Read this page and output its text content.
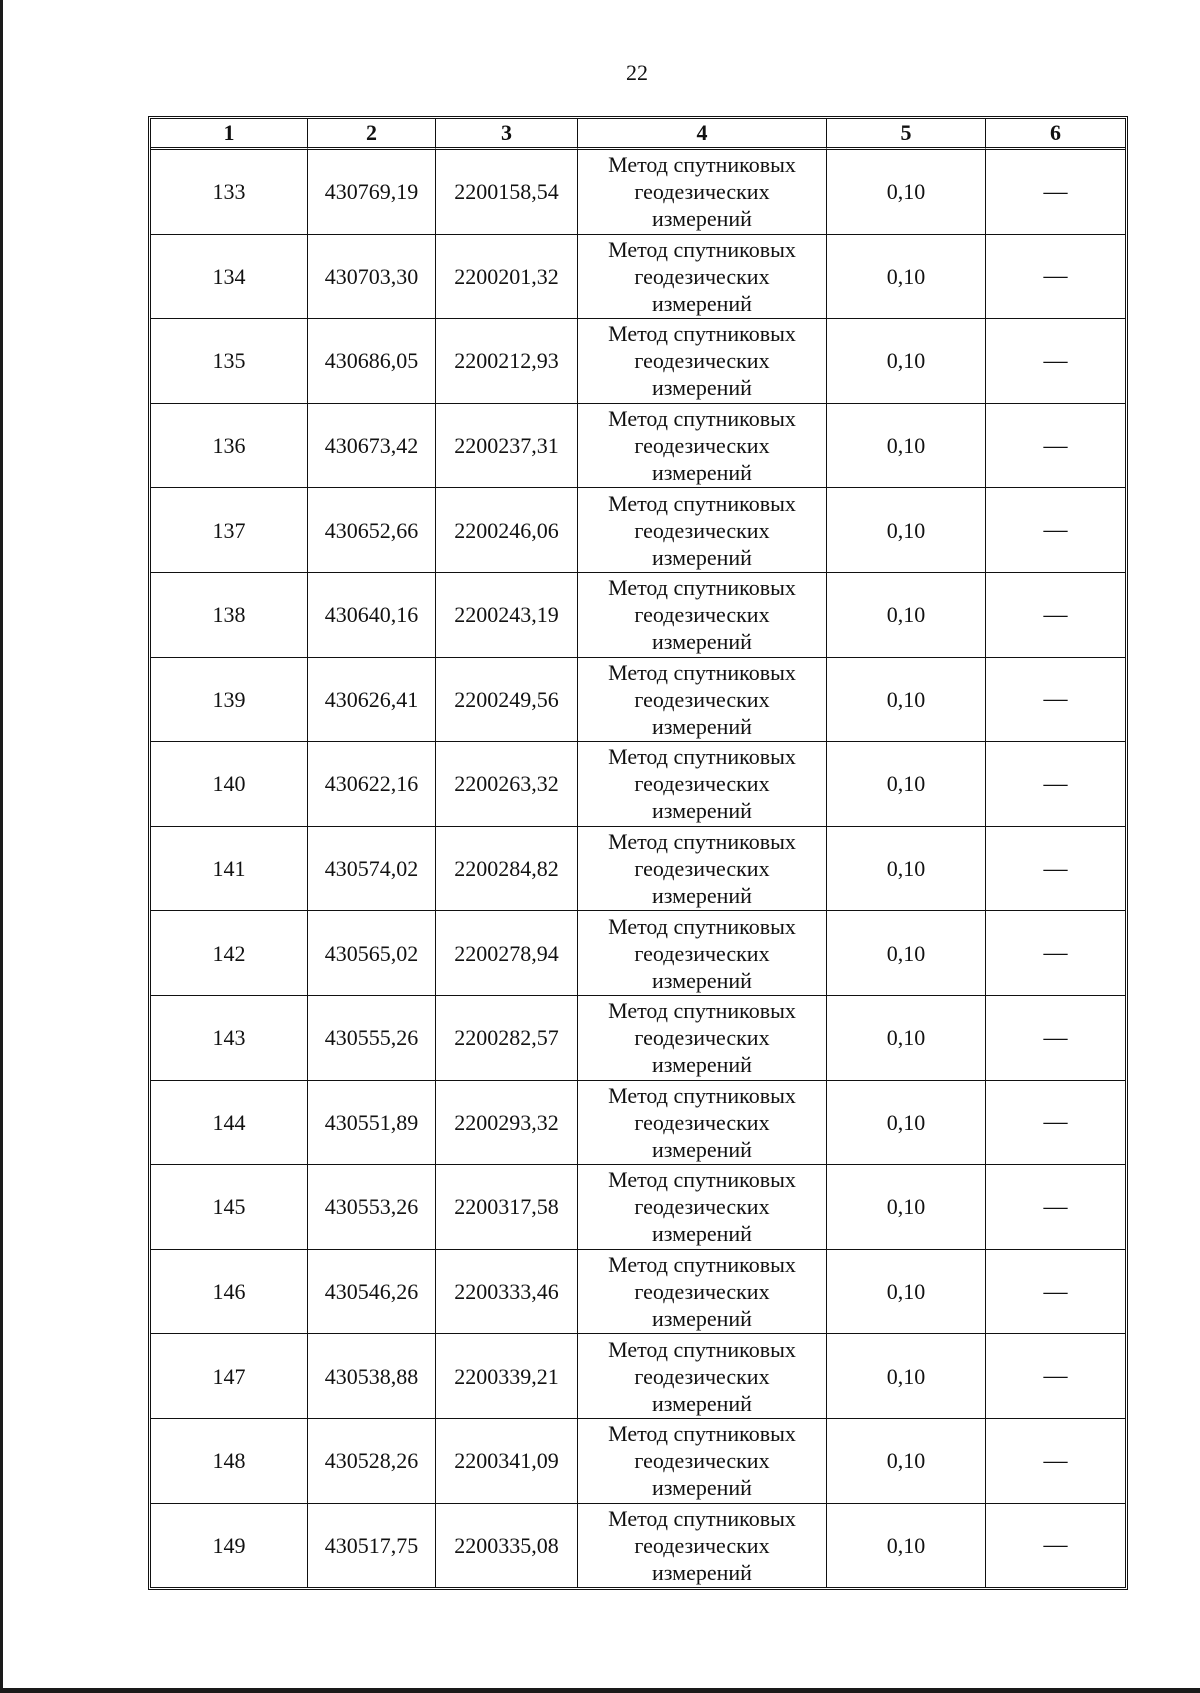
22
1	2	3	4	5	6
133	430769,19	2200158,54	Метод спутниковых геодезических измерений	0,10	—
134	430703,30	2200201,32	Метод спутниковых геодезических измерений	0,10	—
135	430686,05	2200212,93	Метод спутниковых геодезических измерений	0,10	—
136	430673,42	2200237,31	Метод спутниковых геодезических измерений	0,10	—
137	430652,66	2200246,06	Метод спутниковых геодезических измерений	0,10	—
138	430640,16	2200243,19	Метод спутниковых геодезических измерений	0,10	—
139	430626,41	2200249,56	Метод спутниковых геодезических измерений	0,10	—
140	430622,16	2200263,32	Метод спутниковых геодезических измерений	0,10	—
141	430574,02	2200284,82	Метод спутниковых геодезических измерений	0,10	—
142	430565,02	2200278,94	Метод спутниковых геодезических измерений	0,10	—
143	430555,26	2200282,57	Метод спутниковых геодезических измерений	0,10	—
144	430551,89	2200293,32	Метод спутниковых геодезических измерений	0,10	—
145	430553,26	2200317,58	Метод спутниковых геодезических измерений	0,10	—
146	430546,26	2200333,46	Метод спутниковых геодезических измерений	0,10	—
147	430538,88	2200339,21	Метод спутниковых геодезических измерений	0,10	—
148	430528,26	2200341,09	Метод спутниковых геодезических измерений	0,10	—
149	430517,75	2200335,08	Метод спутниковых геодезических измерений	0,10	—
